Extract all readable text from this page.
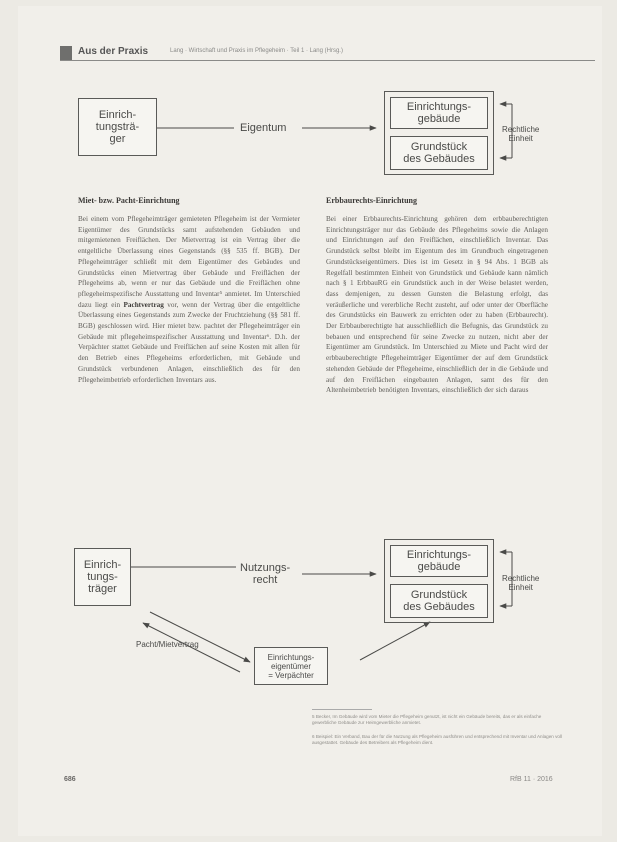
Aus der Praxis	Lang · Wirtschaft und Praxis im Pflegeheim · Teil 1 · Lang (Hrsg.)
Einrich-
tungsträ-
ger
Eigentum
Einrichtungs-
gebäude
Grundstück
des Gebäudes
Rechtliche
Einheit
Miet- bzw. Pacht-Einrichtung
Bei einem vom Pflegeheimträger gemieteten Pflegeheim ist der Vermieter Eigentümer des Grundstücks samt aufstehenden Gebäuden und mitgemietenen Freiflächen. Der Mietvertrag ist ein Vertrag über die entgeltliche Überlassung eines Gegenstands (§§ 535 ff. BGB). Der Pflegeheimträger schließt mit dem Eigentümer des Gebäudes und Grundstücks einen Mietvertrag über Gebäude und Freiflächen der Pflegeheims ab, wenn er nur das Gebäude und die Freiflächen ohne pflegeheimspezifische Ausstattung und Inventar⁵ anmietet. Im Unterschied dazu liegt ein Pachtvertrag vor, wenn der Vertrag über die entgeltliche Überlassung eines Gegenstands zum Zwecke der Fruchtziehung (§§ 581 ff. BGB) geschlossen wird. Hier mietet bzw. pachtet der Pflegeheimträger ein Gebäude mit pflegeheimspezifischer Ausstattung und Inventar⁶. D.h. der Verpächter stattet Gebäude und Freiflächen auf seine Kosten mit allen für den Betrieb eines Pflegeheims erforderlichen, mit Gebäude und Grundstück verbundenen Anlagen, einschließlich des für den Pflegeheimbetrieb erforderlichen Inventars aus.
Erbbaurechts-Einrichtung
Bei einer Erbbaurechts-Einrichtung gehören dem erbbauberechtigten Einrichtungsträger nur das Gebäude des Pflegeheims sowie die Anlagen und Einrichtungen auf den Freiflächen, einschließlich Inventar. Das Grundstück selbst bleibt im Eigentum des im Grundbuch eingetragenen Grundstückseigentümers. Dies ist im Gesetz in § 94 Abs. 1 BGB als Regelfall bestimmten Einheit von Grundstück und Gebäude kann nämlich nach § 1 ErbbauRG ein Grundstück auch in der Weise belastet werden, dass demjenigen, zu dessen Gunsten die Belastung erfolgt, das veräußerliche und vererbliche Recht zusteht, auf oder unter der Oberfläche des Grundstücks ein Bauwerk zu errichten oder zu haben (Erbbaurecht). Der Erbbauberechtigte hat ausschließlich die Befugnis, das Grundstück zu bebauen und entsprechend für seine Zwecke zu nutzen, nicht aber der Eigentümer am Grundstück. Im Unterschied zu Miete und Pacht wird der erbbauberechtigte Pflegeheimträger Eigentümer der auf dem Grundstück stehenden Gebäude der Pflegeheime, einschließlich der in die Gebäude und auf den Freiflächen eingebauten Anlagen, samt des für den Altenheimbetrieb benötigten Inventars, einschließlich der sich daraus
Einrich-
tungs-
träger
Nutzungs-
recht
Einrichtungs-
gebäude
Grundstück
des Gebäudes
Rechtliche
Einheit
Pacht/Mietvertrag
Einrichtungs-
eigentümer
= Verpächter
5 Becker, Im Gebäude wird vom Mieter die Pflegeheim genutzt, ist nicht ein Gebäude bereits, das er als einfache gewerbliche Gebäude zur Heimgewerbliche anmietet.
6 Beispiel: Ein Verband, Bau der für die Nutzung als Pflegeheim ausführen und entsprechend mit Inventar und Anlagen voll ausgestattet. Gebäude des Betreibers als Pflegeheim dient.
686	RfB 11 · 2016
